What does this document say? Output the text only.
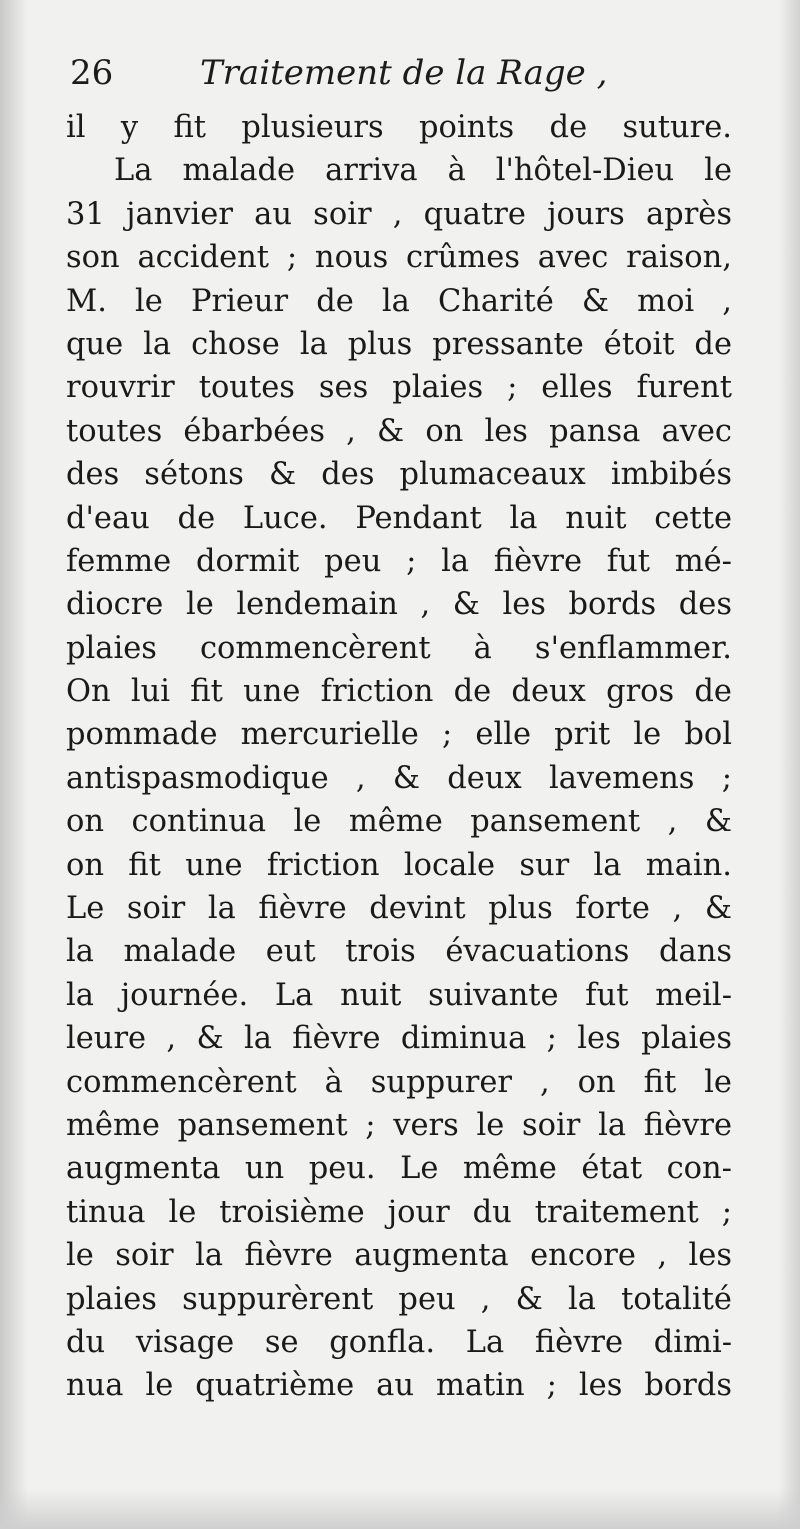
26	Traitement de la Rage ,
il y fit plusieurs points de suture.
La malade arriva à l'hôtel-Dieu le
31 janvier au soir , quatre jours après
son accident ; nous crûmes avec raison,
M. le Prieur de la Charité & moi ,
que la chose la plus pressante étoit de
rouvrir toutes ses plaies ; elles furent
toutes ébarbées , & on les pansa avec
des sétons & des plumaceaux imbibés
d'eau de Luce. Pendant la nuit cette
femme dormit peu ; la fièvre fut mé-
diocre le lendemain , & les bords des
plaies commencèrent à s'enflammer.
On lui fit une friction de deux gros de
pommade mercurielle ; elle prit le bol
antispasmodique , & deux lavemens ;
on continua le même pansement , &
on fit une friction locale sur la main.
Le soir la fièvre devint plus forte , &
la malade eut trois évacuations dans
la journée. La nuit suivante fut meil-
leure , & la fièvre diminua ; les plaies
commencèrent à suppurer , on fit le
même pansement ; vers le soir la fièvre
augmenta un peu. Le même état con-
tinua le troisième jour du traitement ;
le soir la fièvre augmenta encore , les
plaies suppurèrent peu , & la totalité
du visage se gonfla. La fièvre dimi-
nua le quatrième au matin ; les bords
